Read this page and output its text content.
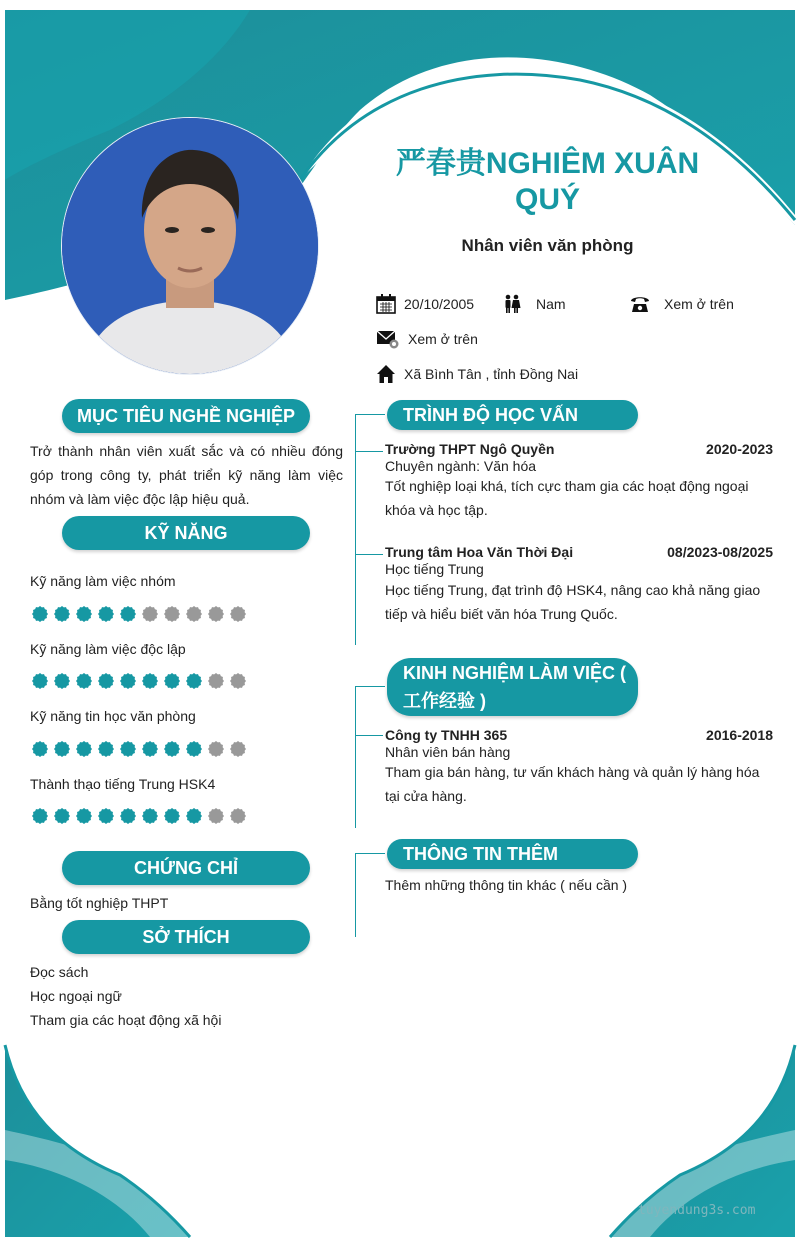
严春贵NGHIÊM XUÂN
QUÝ
Nhân viên văn phòng
20/10/2005	Nam	Xem ở trên
Xem ở trên
Xã Bình Tân , tỉnh Đồng Nai
MỤC TIÊU NGHỀ NGHIỆP
Trở thành nhân viên xuất sắc và có nhiều đóng góp trong công ty, phát triển kỹ năng làm việc nhóm và làm việc độc lập hiệu quả.
KỸ NĂNG
Kỹ năng làm việc nhóm
Kỹ năng làm việc độc lập
Kỹ năng tin học văn phòng
Thành thạo tiếng Trung HSK4
CHỨNG CHỈ
Bằng tốt nghiệp THPT
SỞ THÍCH
Đọc sách
Học ngoại ngữ
Tham gia các hoạt động xã hội
TRÌNH ĐỘ HỌC VẤN
Trường THPT Ngô Quyền	2020-2023
Chuyên ngành: Văn hóa
Tốt nghiệp loại khá, tích cực tham gia các hoạt động ngoại khóa và học tập.
Trung tâm Hoa Văn Thời Đại	08/2023-08/2025
Học tiếng Trung
Học tiếng Trung, đạt trình độ HSK4, nâng cao khả năng giao tiếp và hiểu biết văn hóa Trung Quốc.
KINH NGHIỆM LÀM VIỆC (
工作经验 )
Công ty TNHH 365	2016-2018
Nhân viên bán hàng
Tham gia bán hàng, tư vấn khách hàng và quản lý hàng hóa tại cửa hàng.
THÔNG TIN THÊM
Thêm những thông tin khác ( nếu cần )
tuyendung3s.com
